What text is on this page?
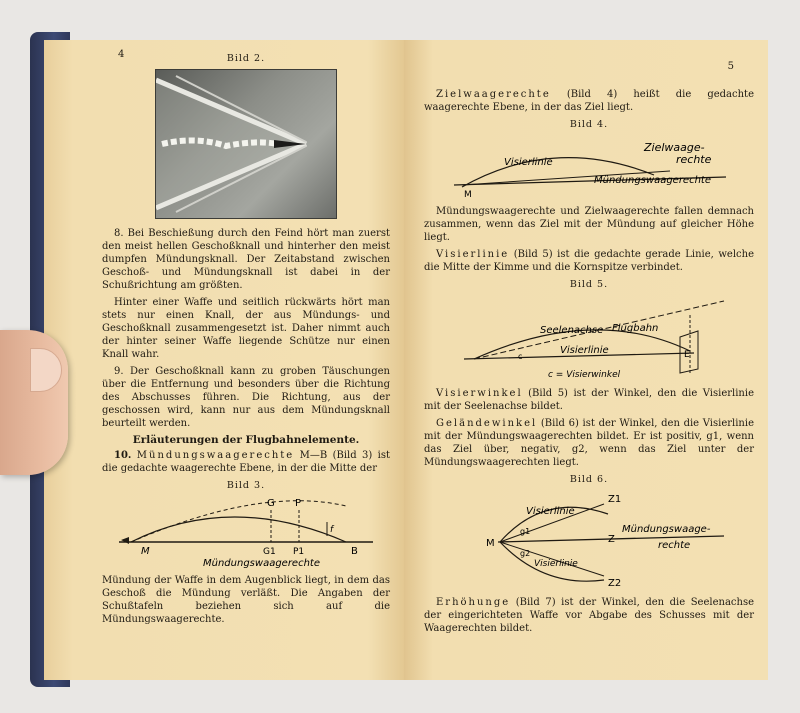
4	Bild 2.

8. Bei Beschießung durch den Feind hört man zuerst den meist hellen Geschoßknall und hinterher den meist dumpfen Mündungsknall. Der Zeitabstand zwischen Geschoß- und Mündungsknall ist dabei in der Schußrichtung am größten.

Hinter einer Waffe und seitlich rückwärts hört man stets nur einen Knall, der aus Mündungs- und Geschoßknall zusammengesetzt ist. Daher nimmt auch der hinter seiner Waffe liegende Schütze nur einen Knall wahr.

9. Der Geschoßknall kann zu groben Täuschungen über die Entfernung und besonders über die Richtung des Abschusses führen. Die Richtung, aus der geschossen wird, kann nur aus dem Mündungsknall beurteilt werden.

Erläuterungen der Flugbahnelemente.

10. Mündungswaagerechte M—B (Bild 3) ist die gedachte waagerechte Ebene, in der die Mitte der

Bild 3.
G P
f
M	G1 P1	B
Mündungswaagerechte

Mündung der Waffe in dem Augenblick liegt, in dem das Geschoß die Mündung verläßt. Die Angaben der Schußtafeln beziehen sich auf die Mündungswaagerechte.

5

Zielwaagerechte (Bild 4) heißt die gedachte waagerechte Ebene, in der das Ziel liegt.

Bild 4.
Visierlinie
Zielwaage-
rechte
Mündungswaagerechte
M

Mündungswaagerechte und Zielwaagerechte fallen demnach zusammen, wenn das Ziel mit der Mündung auf gleicher Höhe liegt.

Visierlinie (Bild 5) ist die gedachte gerade Linie, welche die Mitte der Kimme und die Kornspitze verbindet.

Bild 5.
Seelenachse Flugbahn
Visierlinie
c	E
c = Visierwinkel

Visierwinkel (Bild 5) ist der Winkel, den die Visierlinie mit der Seelenachse bildet.

Geländewinkel (Bild 6) ist der Winkel, den die Visierlinie mit der Mündungswaagerechten bildet. Er ist positiv, g1, wenn das Ziel über, negativ, g2, wenn das Ziel unter der Mündungswaagerechten liegt.

Bild 6.
Z1
Visierlinie
g1
M	Z
Mündungswaage-
rechte
g2
Visierlinie
Z2

Erhöhunge (Bild 7) ist der Winkel, den die Seelenachse der eingerichteten Waffe vor Abgabe des Schusses mit der Waagerechten bildet.
